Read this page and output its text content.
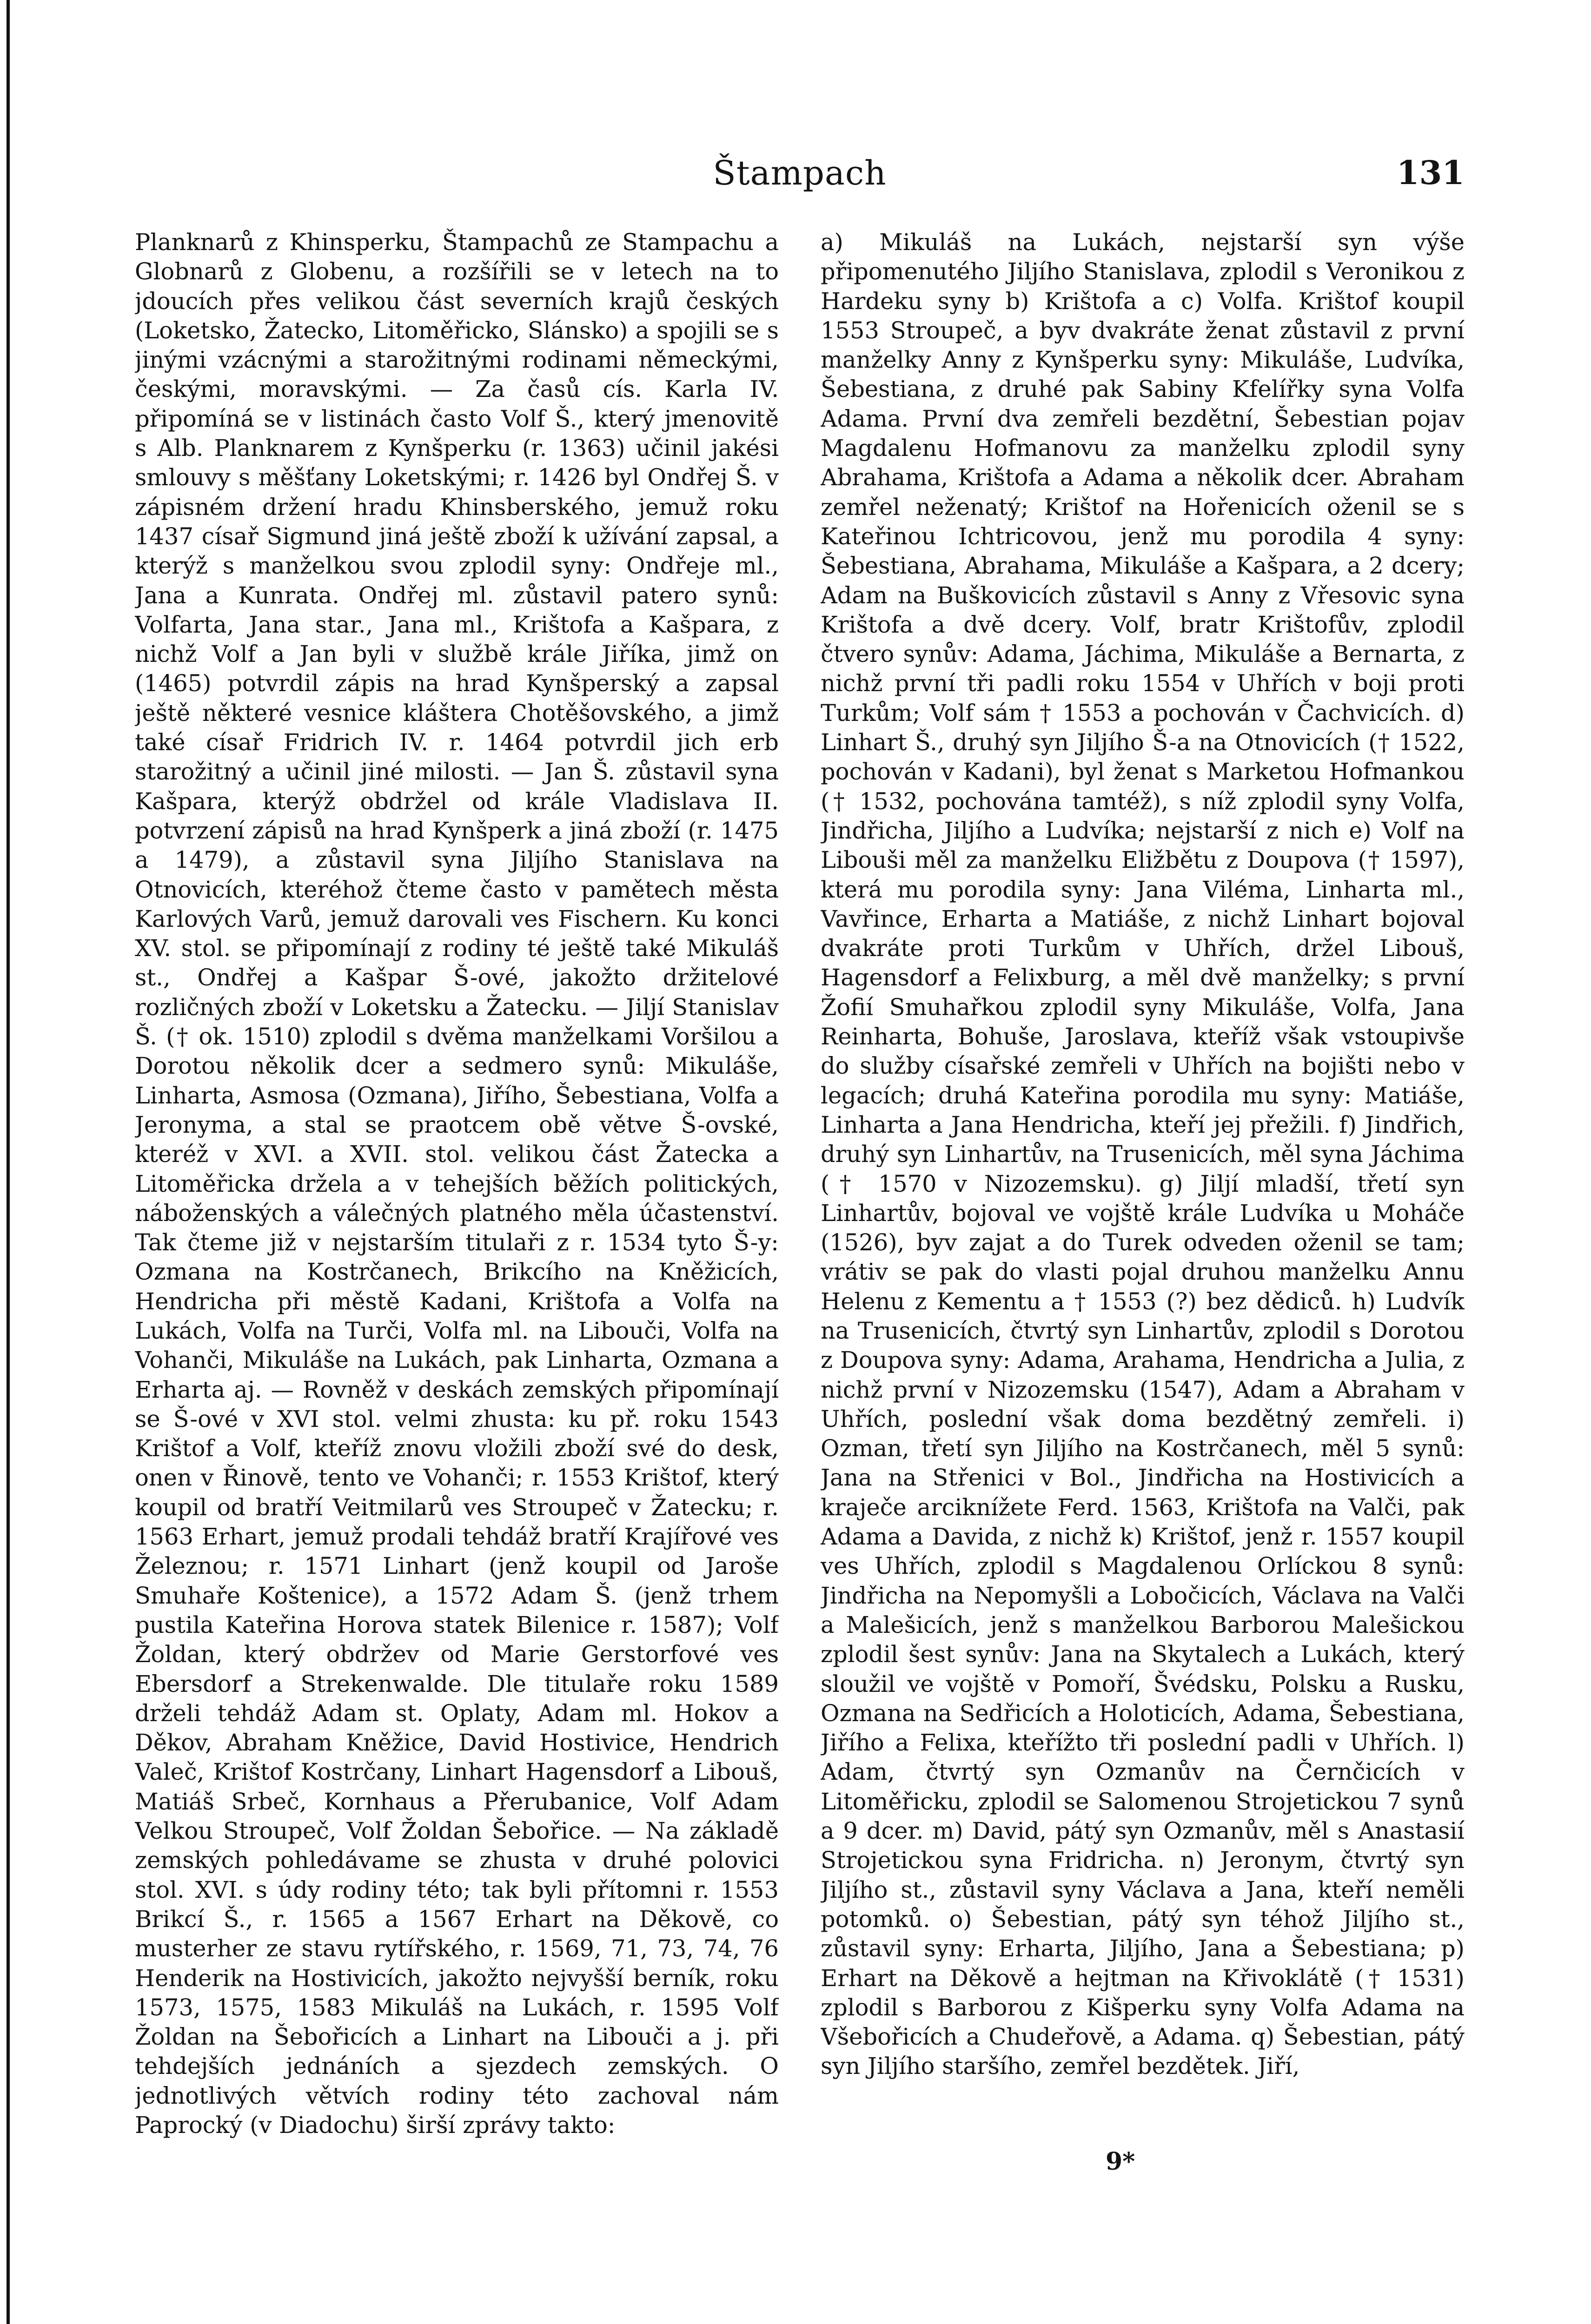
Štampach	131

Planknarů z Khinsperku, Štampachů ze Stampachu a Globnarů z Globenu, a rozšířili se v letech na to jdoucích přes velikou část severních krajů českých (Loketsko, Žatecko, Litoměřicko, Slánsko) a spojili se s jinými vzácnými a starožitnými rodinami německými, českými, moravskými. — Za časů cís. Karla IV. připomíná se v listinách často Volf Š., který jmenovitě s Alb. Planknarem z Kynšperku (r. 1363) učinil jakési smlouvy s měšťany Loketskými; r. 1426 byl Ondřej Š. v zápisném držení hradu Khinsberského, jemuž roku 1437 císař Sigmund jiná ještě zboží k užívání zapsal, a kterýž s manželkou svou zplodil syny: Ondřeje ml., Jana a Kunrata. Ondřej ml. zůstavil patero synů: Volfarta, Jana star., Jana ml., Krištofa a Kašpara, z nichž Volf a Jan byli v službě krále Jiříka, jimž on (1465) potvrdil zápis na hrad Kynšperský a zapsal ještě některé vesnice kláštera Chotěšovského, a jimž také císař Fridrich IV. r. 1464 potvrdil jich erb starožitný a učinil jiné milosti. — Jan Š. zůstavil syna Kašpara, kterýž obdržel od krále Vladislava II. potvrzení zápisů na hrad Kynšperk a jiná zboží (r. 1475 a 1479), a zůstavil syna Jiljího Stanislava na Otnovicích, kteréhož čteme často v pamětech města Karlových Varů, jemuž darovali ves Fischern. Ku konci XV. stol. se připomínají z rodiny té ještě také Mikuláš st., Ondřej a Kašpar Š-ové, jakožto držitelové rozličných zboží v Loketsku a Žatecku. — Jiljí Stanislav Š. († ok. 1510) zplodil s dvěma manželkami Voršilou a Dorotou několik dcer a sedmero synů: Mikuláše, Linharta, Asmosa (Ozmana), Jiřího, Šebestiana, Volfa a Jeronyma, a stal se praotcem obě větve Š-ovské, kteréž v XVI. a XVII. stol. velikou část Žatecka a Litoměřicka držela a v tehejších běžích politických, náboženských a válečných platného měla účastenství. Tak čteme již v nejstarším titulaři z r. 1534 tyto Š-y: Ozmana na Kostrčanech, Brikcího na Kněžicích, Hendricha při městě Kadani, Krištofa a Volfa na Lukách, Volfa na Turči, Volfa ml. na Libouči, Volfa na Vohanči, Mikuláše na Lukách, pak Linharta, Ozmana a Erharta aj. — Rovněž v deskách zemských připomínají se Š-ové v XVI stol. velmi zhusta: ku př. roku 1543 Krištof a Volf, kteříž znovu vložili zboží své do desk, onen v Řinově, tento ve Vohanči; r. 1553 Krištof, který koupil od bratří Veitmilarů ves Stroupeč v Žatecku; r. 1563 Erhart, jemuž prodali tehdáž bratří Krajířové ves Železnou; r. 1571 Linhart (jenž koupil od Jaroše Smuhaře Koštenice), a 1572 Adam Š. (jenž trhem pustila Kateřina Horova statek Bilenice r. 1587); Volf Žoldan, který obdržev od Marie Gerstorfové ves Ebersdorf a Strekenwalde. Dle titulaře roku 1589 drželi tehdáž Adam st. Oplaty, Adam ml. Hokov a Děkov, Abraham Kněžice, David Hostivice, Hendrich Valeč, Krištof Kostrčany, Linhart Hagensdorf a Libouš, Matiáš Srbeč, Kornhaus a Přerubanice, Volf Adam Velkou Stroupeč, Volf Žoldan Šebořice. — Na základě zemských pohledávame se zhusta v druhé polovici stol. XVI. s údy rodiny této; tak byli přítomni r. 1553 Brikcí Š., r. 1565 a 1567 Erhart na Děkově, co musterher ze stavu rytířského, r. 1569, 71, 73, 74, 76 Henderik na Hostivicích, jakožto nejvyšší berník, roku 1573, 1575, 1583 Mikuláš na Lukách, r. 1595 Volf Žoldan na Šebořicích a Linhart na Libouči a j. při tehdejších jednáních a sjezdech zemských. O jednotlivých větvích rodiny této zachoval nám Paprocký (v Diadochu) širší zprávy takto:

a) Mikuláš na Lukách, nejstarší syn výše připomenutého Jiljího Stanislava, zplodil s Veronikou z Hardeku syny b) Krištofa a c) Volfa. Krištof koupil 1553 Stroupeč, a byv dvakráte ženat zůstavil z první manželky Anny z Kynšperku syny: Mikuláše, Ludvíka, Šebestiana, z druhé pak Sabiny Kfelířky syna Volfa Adama. První dva zemřeli bezdětní, Šebestian pojav Magdalenu Hofmanovu za manželku zplodil syny Abrahama, Krištofa a Adama a několik dcer. Abraham zemřel neženatý; Krištof na Hořenicích oženil se s Kateřinou Ichtricovou, jenž mu porodila 4 syny: Šebestiana, Abrahama, Mikuláše a Kašpara, a 2 dcery; Adam na Buškovicích zůstavil s Anny z Vřesovic syna Krištofa a dvě dcery. Volf, bratr Krištofův, zplodil čtvero synův: Adama, Jáchima, Mikuláše a Bernarta, z nichž první tři padli roku 1554 v Uhřích v boji proti Turkům; Volf sám † 1553 a pochován v Čachvicích. d) Linhart Š., druhý syn Jiljího Š-a na Otnovicích († 1522, pochován v Kadani), byl ženat s Marketou Hofmankou († 1532, pochována tamtéž), s níž zplodil syny Volfa, Jindřicha, Jiljího a Ludvíka; nejstarší z nich e) Volf na Libouši měl za manželku Eližbětu z Doupova († 1597), která mu porodila syny: Jana Viléma, Linharta ml., Vavřince, Erharta a Matiáše, z nichž Linhart bojoval dvakráte proti Turkům v Uhřích, držel Libouš, Hagensdorf a Felixburg, a měl dvě manželky; s první Žofií Smuhařkou zplodil syny Mikuláše, Volfa, Jana Reinharta, Bohuše, Jaroslava, kteříž však vstoupivše do služby císařské zemřeli v Uhřích na bojišti nebo v legacích; druhá Kateřina porodila mu syny: Matiáše, Linharta a Jana Hendricha, kteří jej přežili. f) Jindřich, druhý syn Linhartův, na Trusenicích, měl syna Jáchima († 1570 v Nizozemsku). g) Jiljí mladší, třetí syn Linhartův, bojoval ve vojště krále Ludvíka u Moháče (1526), byv zajat a do Turek odveden oženil se tam; vrátiv se pak do vlasti pojal druhou manželku Annu Helenu z Kementu a † 1553 (?) bez dědiců. h) Ludvík na Trusenicích, čtvrtý syn Linhartův, zplodil s Dorotou z Doupova syny: Adama, Arahama, Hendricha a Julia, z nichž první v Nizozemsku (1547), Adam a Abraham v Uhřích, poslední však doma bezdětný zemřeli. i) Ozman, třetí syn Jiljího na Kostrčanech, měl 5 synů: Jana na Střenici v Bol., Jindřicha na Hostivicích a kraječe arciknížete Ferd. 1563, Krištofa na Valči, pak Adama a Davida, z nichž k) Krištof, jenž r. 1557 koupil ves Uhřích, zplodil s Magdalenou Orlíckou 8 synů: Jindřicha na Nepomyšli a Lobočicích, Václava na Valči a Malešicích, jenž s manželkou Barborou Malešickou zplodil šest synův: Jana na Skytalech a Lukách, který sloužil ve vojště v Pomoří, Švédsku, Polsku a Rusku, Ozmana na Sedřicích a Holoticích, Adama, Šebestiana, Jiřího a Felixa, kteřížto tři poslední padli v Uhřích. l) Adam, čtvrtý syn Ozmanův na Černčicích v Litoměřicku, zplodil se Salomenou Strojetickou 7 synů a 9 dcer. m) David, pátý syn Ozmanův, měl s Anastasií Strojetickou syna Fridricha. n) Jeronym, čtvrtý syn Jiljího st., zůstavil syny Václava a Jana, kteří neměli potomků. o) Šebestian, pátý syn téhož Jiljího st., zůstavil syny: Erharta, Jiljího, Jana a Šebestiana; p) Erhart na Děkově a hejtman na Křivoklátě († 1531) zplodil s Barborou z Kišperku syny Volfa Adama na Všebořicích a Chudeřově, a Adama. q) Šebestian, pátý syn Jiljího staršího, zemřel bezdětek. Jiří,

9*
